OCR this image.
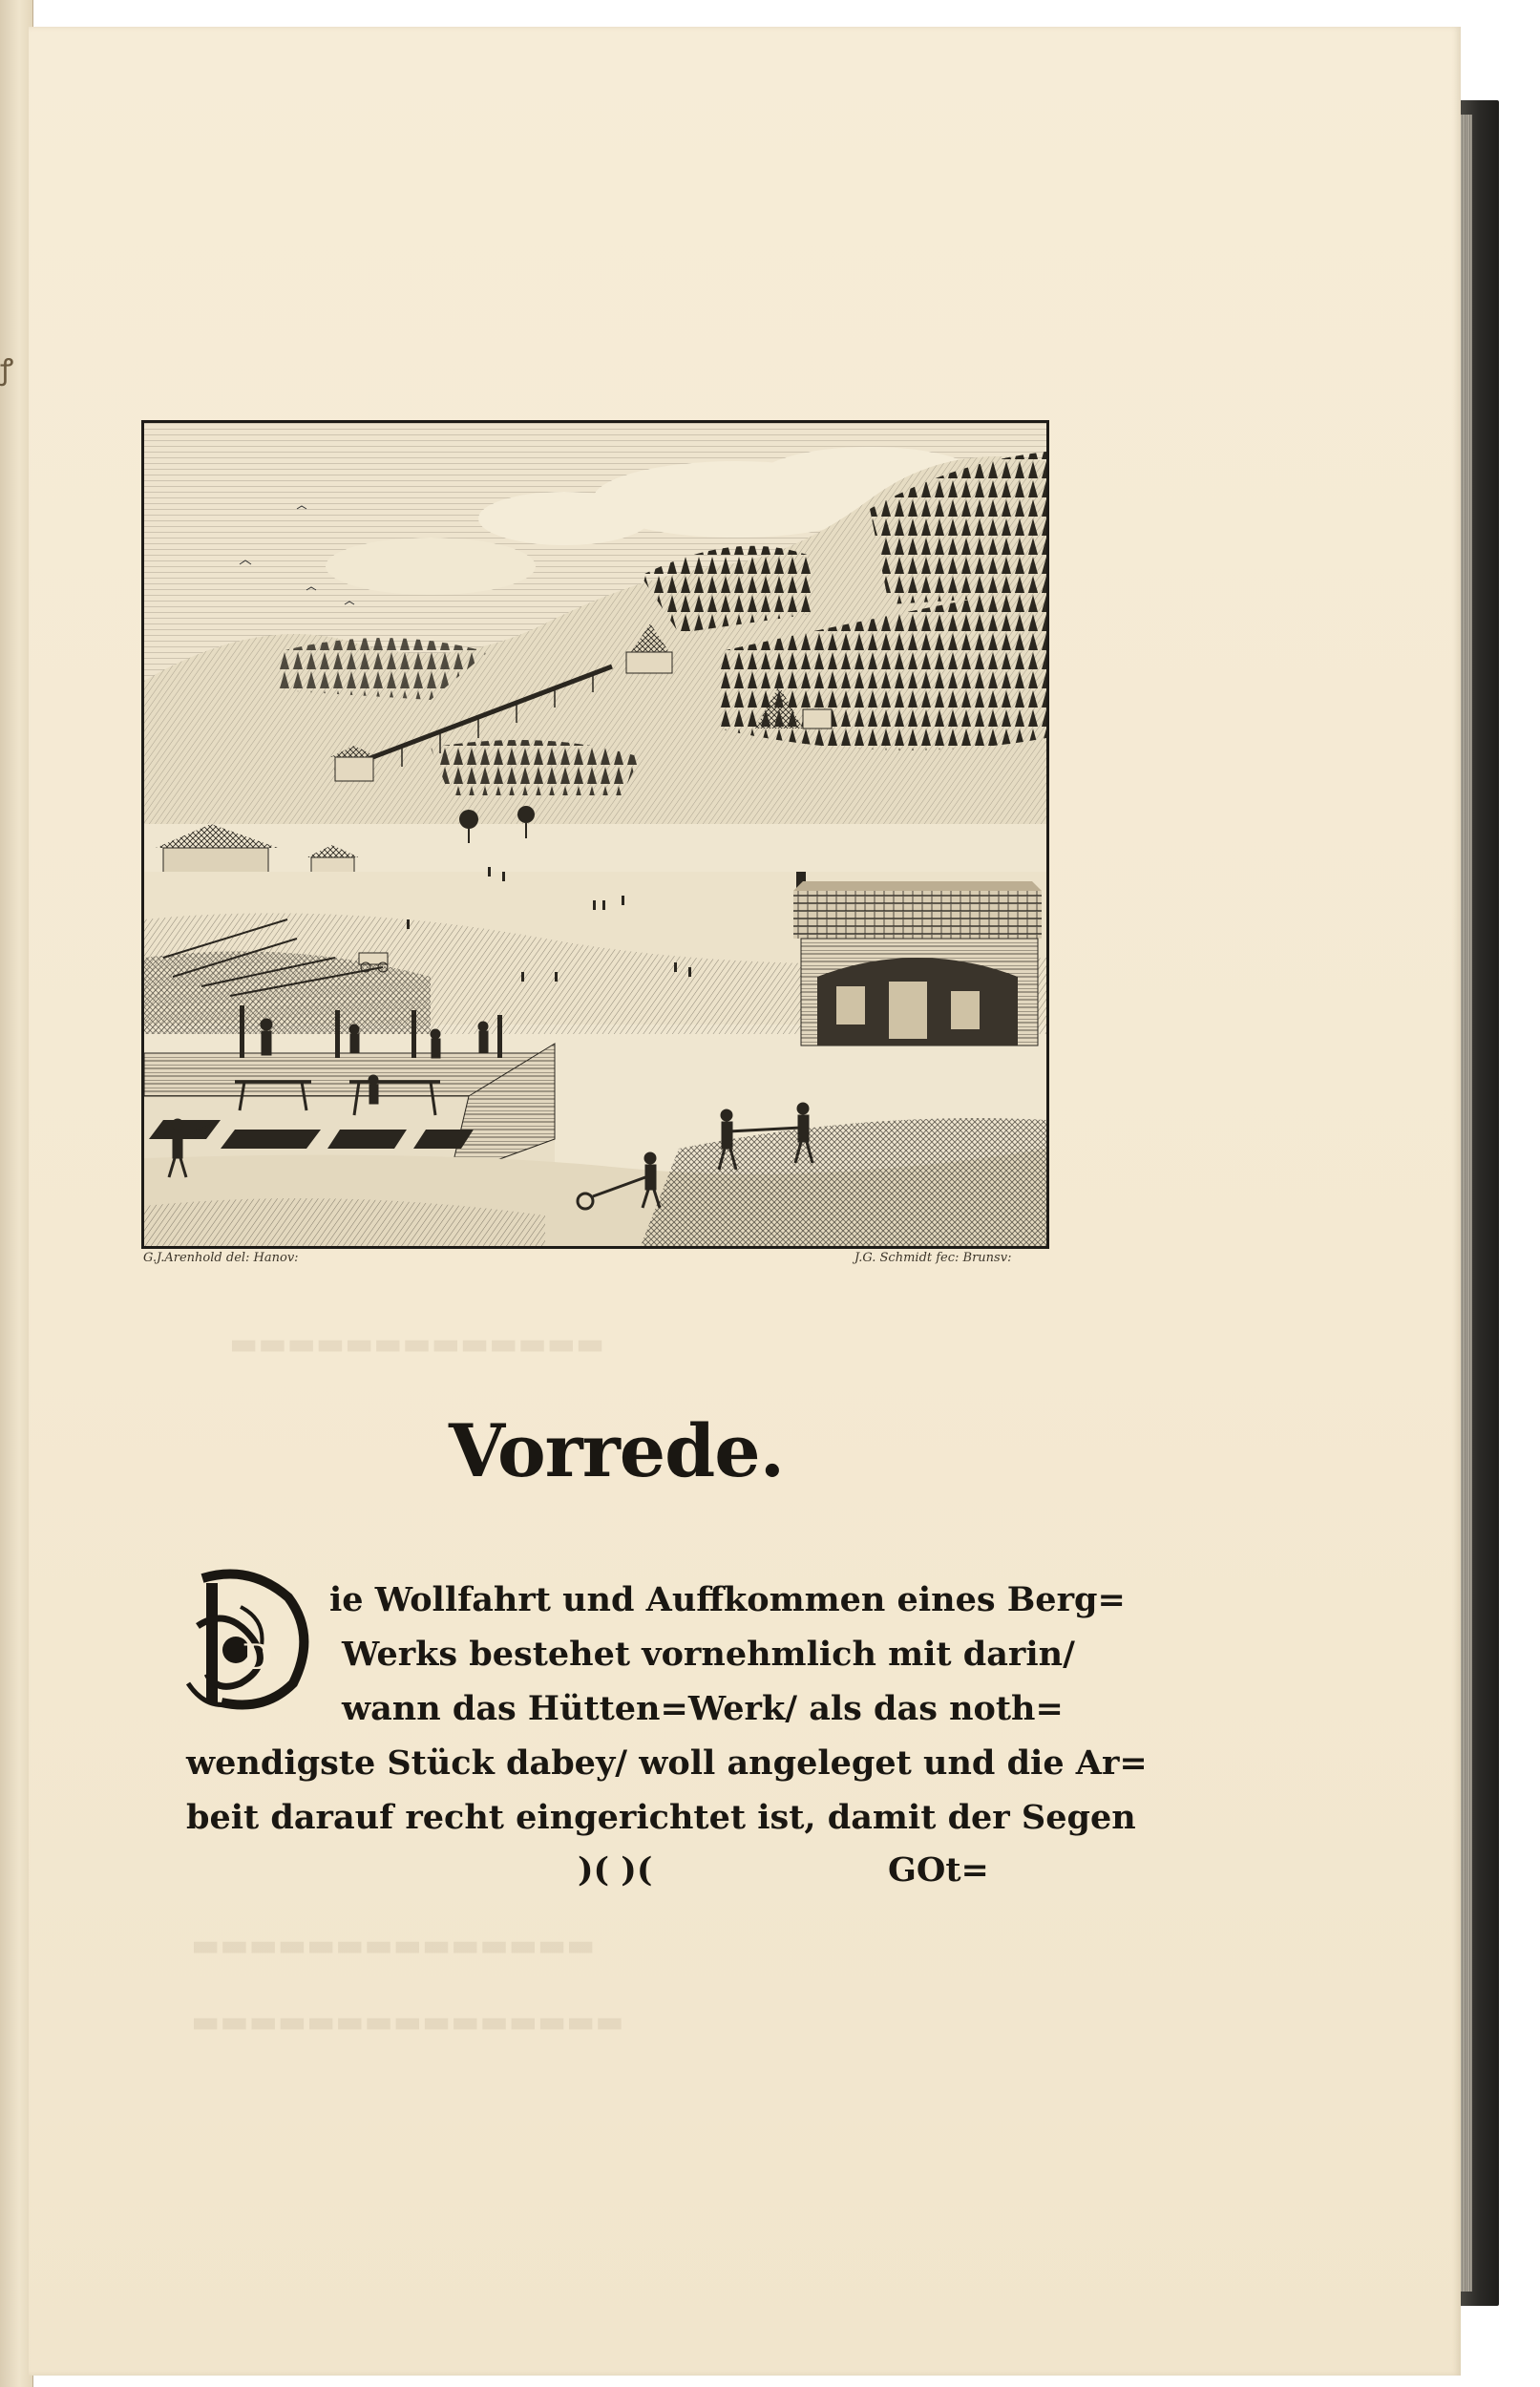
ꝭ
▬▬▬▬▬▬▬▬▬▬▬▬▬
▬▬▬▬▬▬▬▬▬▬▬▬▬▬
▬▬▬▬▬▬▬▬▬▬▬▬▬▬▬
G.J.Arenhold del: Hanov:	J.G. Schmidt fec: Brunsv:
Vorrede.
D
ie Wollfahrt und Auffkommen eines Berg=
Werks bestehet vornehmlich mit darin/
wann das Hütten=Werk/ als das noth=
wendigste Stück dabey/ woll angeleget und die Ar=
beit darauf recht eingerichtet ist, damit der Segen
)( )(	GOt=
